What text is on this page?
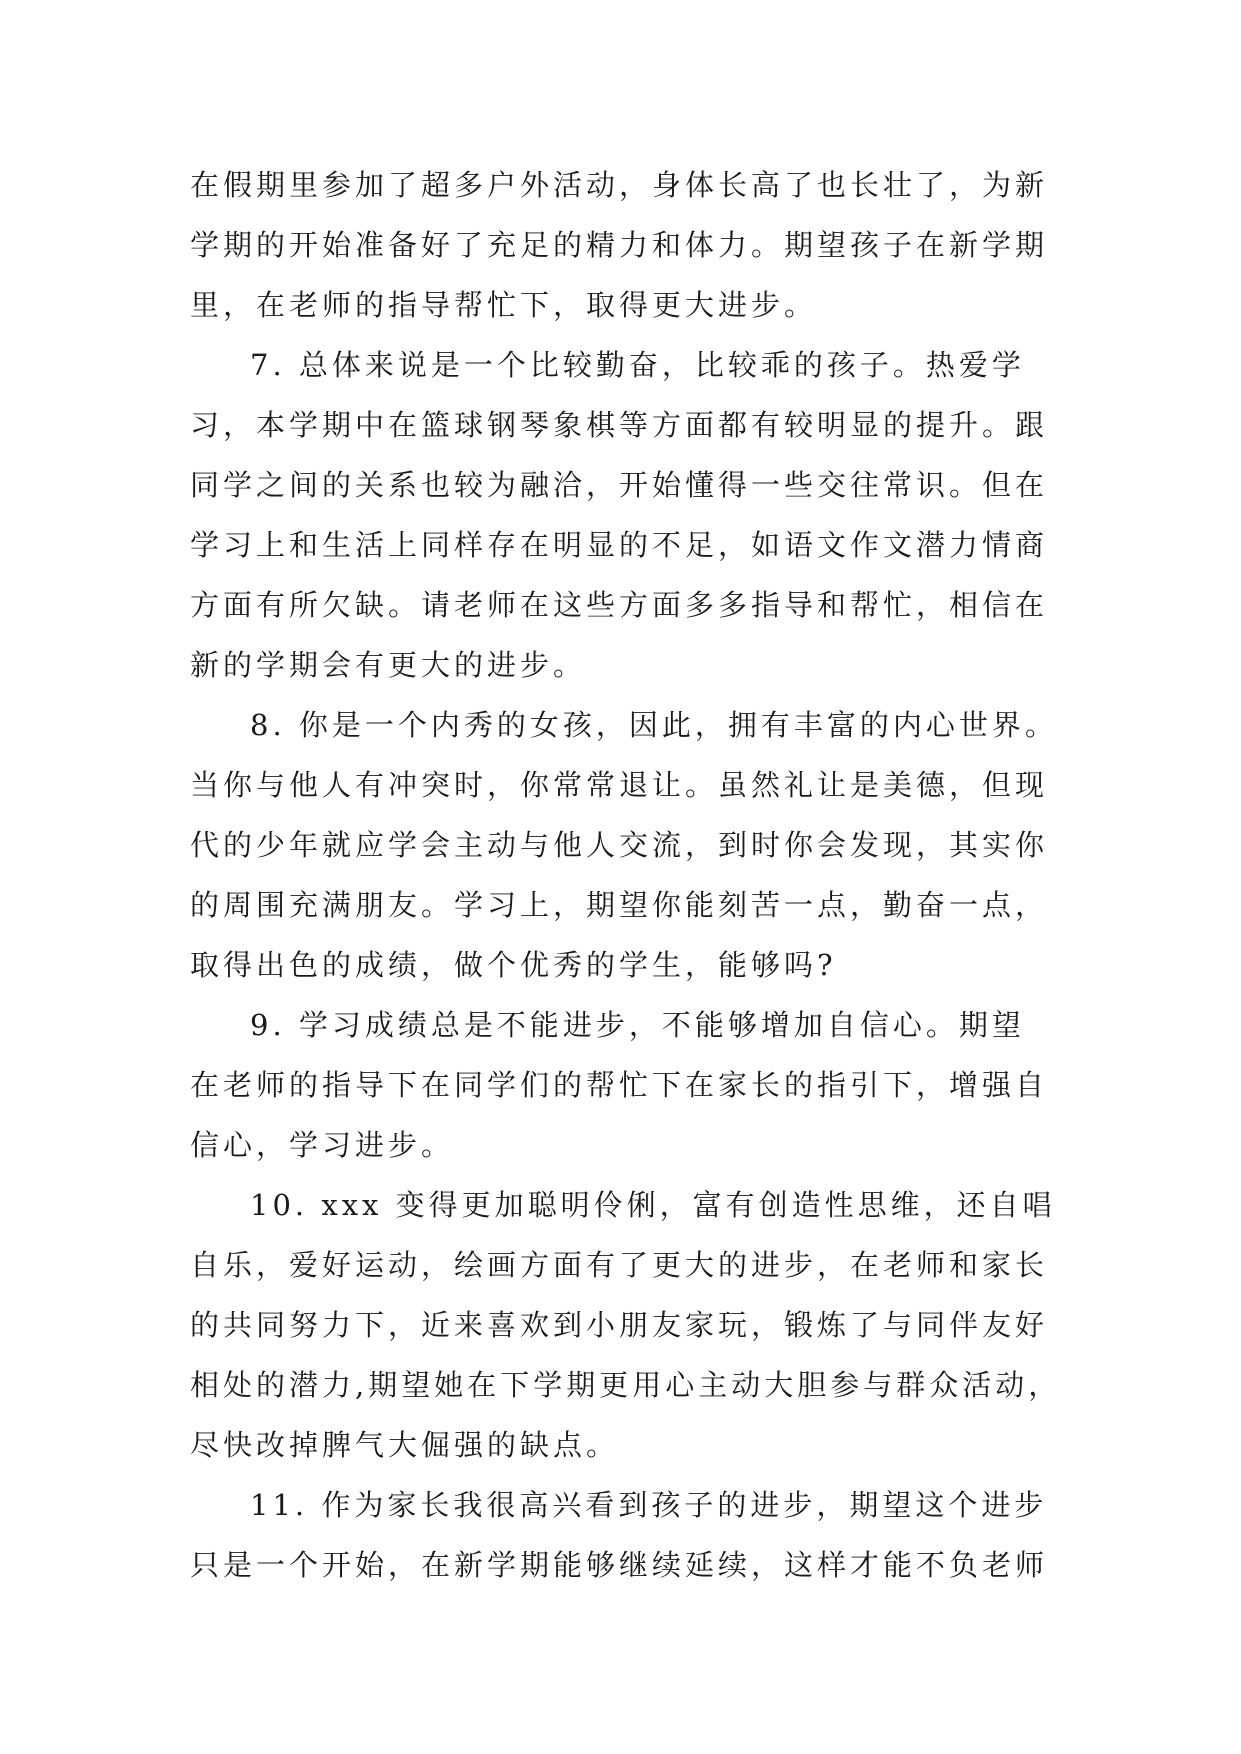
在假期里参加了超多户外活动，身体长高了也长壮了，为新
学期的开始准备好了充足的精力和体力。期望孩子在新学期
里，在老师的指导帮忙下，取得更大进步。
7. 总体来说是一个比较勤奋，比较乖的孩子。热爱学
习，本学期中在篮球钢琴象棋等方面都有较明显的提升。跟
同学之间的关系也较为融洽，开始懂得一些交往常识。但在
学习上和生活上同样存在明显的不足，如语文作文潜力情商
方面有所欠缺。请老师在这些方面多多指导和帮忙，相信在
新的学期会有更大的进步。
8. 你是一个内秀的女孩，因此，拥有丰富的内心世界。
当你与他人有冲突时，你常常退让。虽然礼让是美德，但现
代的少年就应学会主动与他人交流，到时你会发现，其实你
的周围充满朋友。学习上，期望你能刻苦一点，勤奋一点，
取得出色的成绩，做个优秀的学生，能够吗?
9. 学习成绩总是不能进步，不能够增加自信心。期望
在老师的指导下在同学们的帮忙下在家长的指引下，增强自
信心，学习进步。
10. xxx 变得更加聪明伶俐，富有创造性思维，还自唱
自乐，爱好运动，绘画方面有了更大的进步，在老师和家长
的共同努力下，近来喜欢到小朋友家玩，锻炼了与同伴友好
相处的潜力,期望她在下学期更用心主动大胆参与群众活动，
尽快改掉脾气大倔强的缺点。
11. 作为家长我很高兴看到孩子的进步，期望这个进步
只是一个开始，在新学期能够继续延续，这样才能不负老师
